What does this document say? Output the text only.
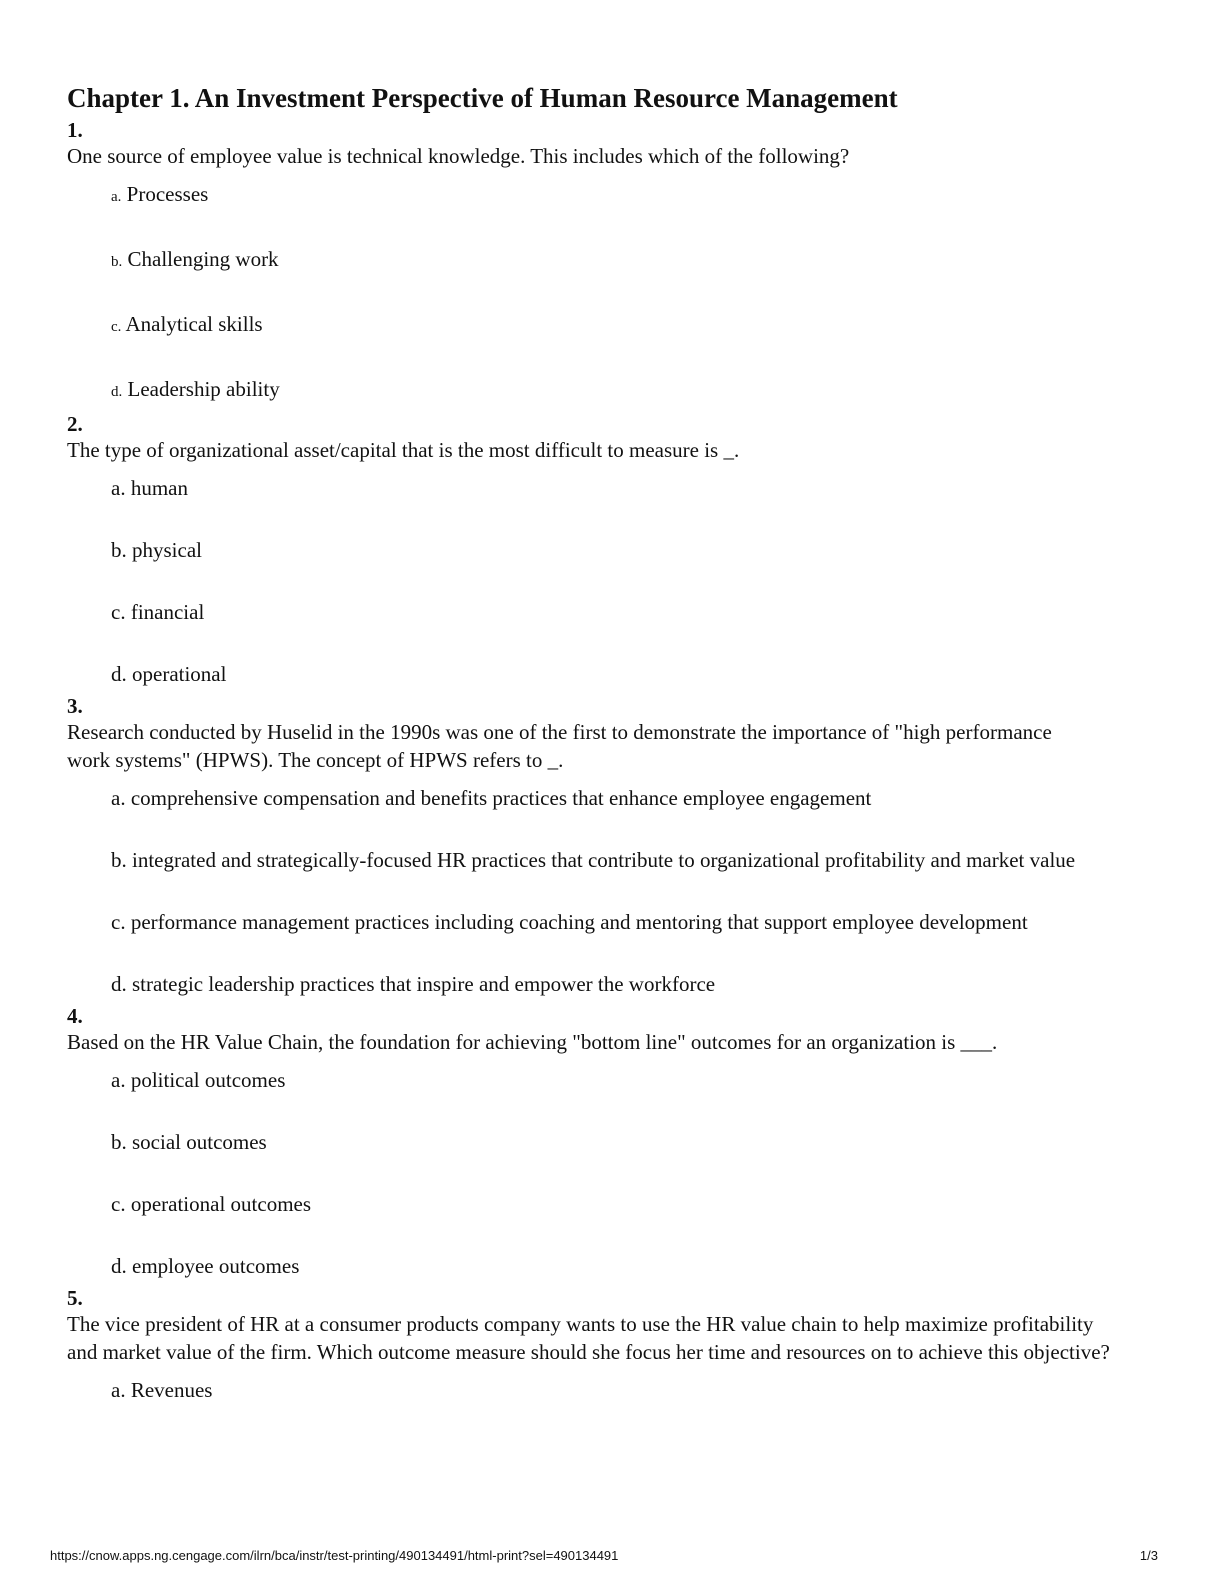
Chapter 1. An Investment Perspective of Human Resource Management
1.
One source of employee value is technical knowledge. This includes which of the following?
a. Processes
b. Challenging work
c. Analytical skills
d. Leadership ability
2.
The type of organizational asset/capital that is the most difficult to measure is _.
a. human
b. physical
c. financial
d. operational
3.
Research conducted by Huselid in the 1990s was one of the first to demonstrate the importance of "high performance work systems" (HPWS). The concept of HPWS refers to _.
a. comprehensive compensation and benefits practices that enhance employee engagement
b. integrated and strategically-focused HR practices that contribute to organizational profitability and market value
c. performance management practices including coaching and mentoring that support employee development
d. strategic leadership practices that inspire and empower the workforce
4.
Based on the HR Value Chain, the foundation for achieving "bottom line" outcomes for an organization is ___.
a. political outcomes
b. social outcomes
c. operational outcomes
d. employee outcomes
5.
The vice president of HR at a consumer products company wants to use the HR value chain to help maximize profitability and market value of the firm. Which outcome measure should she focus her time and resources on to achieve this objective?
a. Revenues
https://cnow.apps.ng.cengage.com/ilrn/bca/instr/test-printing/490134491/html-print?sel=490134491	1/3
